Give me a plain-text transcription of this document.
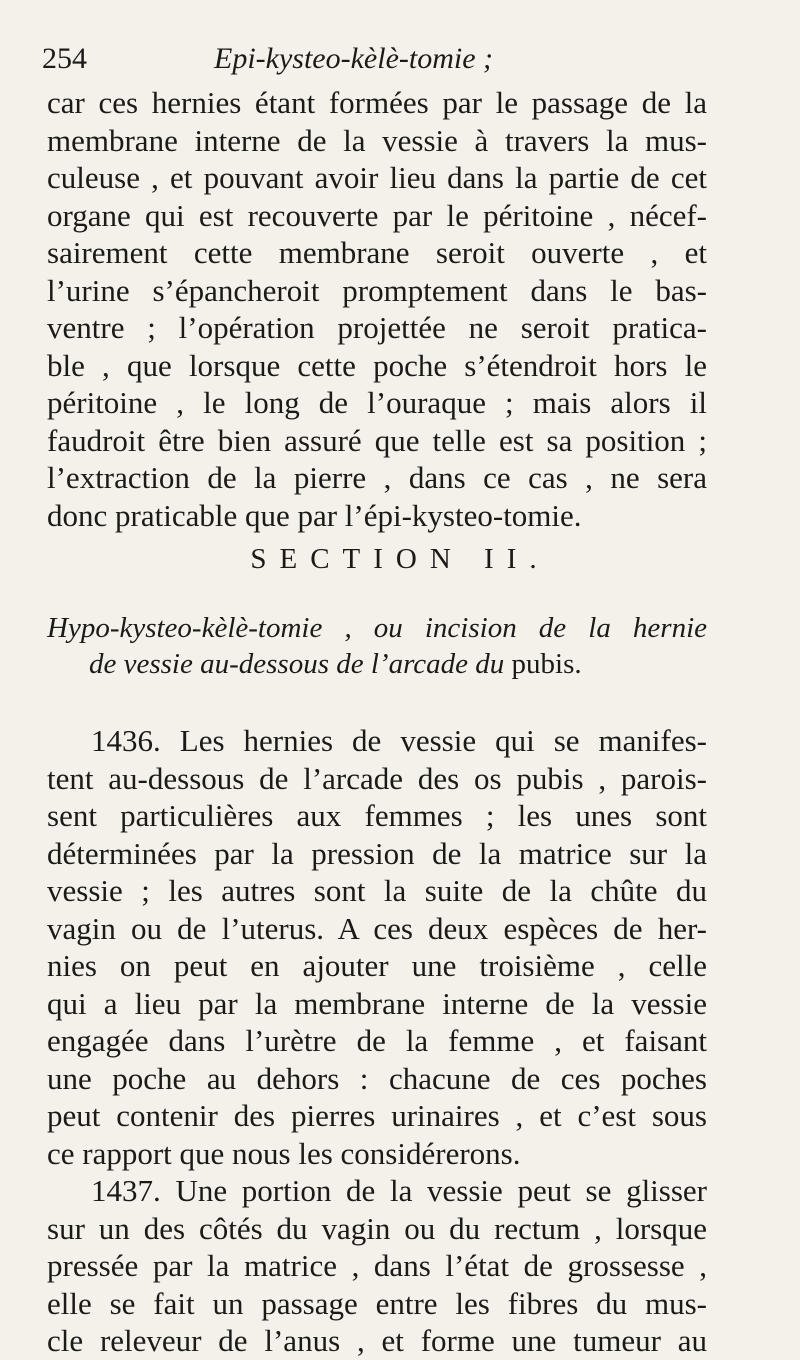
254	Epi-kysteo-kèlè-tomie ;
car ces hernies étant formées par le passage de la
membrane interne de la vessie à travers la mus-
culeuse , et pouvant avoir lieu dans la partie de cet
organe qui est recouverte par le péritoine , nécef-
sairement cette membrane seroit ouverte , et
l’urine s’épancheroit promptement dans le bas-
ventre ; l’opération projettée ne seroit pratica-
ble , que lorsque cette poche s’étendroit hors le
péritoine , le long de l’ouraque ; mais alors il
faudroit être bien assuré que telle est sa position ;
l’extraction de la pierre , dans ce cas , ne sera
donc praticable que par l’épi-kysteo-tomie.
SECTION II.
Hypo-kysteo-kèlè-tomie , ou incision de la hernie
de vessie au-dessous de l’arcade du pubis.
1436. Les hernies de vessie qui se manifes-
tent au-dessous de l’arcade des os pubis , parois-
sent particulières aux femmes ; les unes sont
déterminées par la pression de la matrice sur la
vessie ; les autres sont la suite de la chûte du
vagin ou de l’uterus. A ces deux espèces de her-
nies on peut en ajouter une troisième , celle
qui a lieu par la membrane interne de la vessie
engagée dans l’urètre de la femme , et faisant
une poche au dehors : chacune de ces poches
peut contenir des pierres urinaires , et c’est sous
ce rapport que nous les considérerons.
1437. Une portion de la vessie peut se glisser
sur un des côtés du vagin ou du rectum , lorsque
pressée par la matrice , dans l’état de grossesse ,
elle se fait un passage entre les fibres du mus-
cle releveur de l’anus , et forme une tumeur au
